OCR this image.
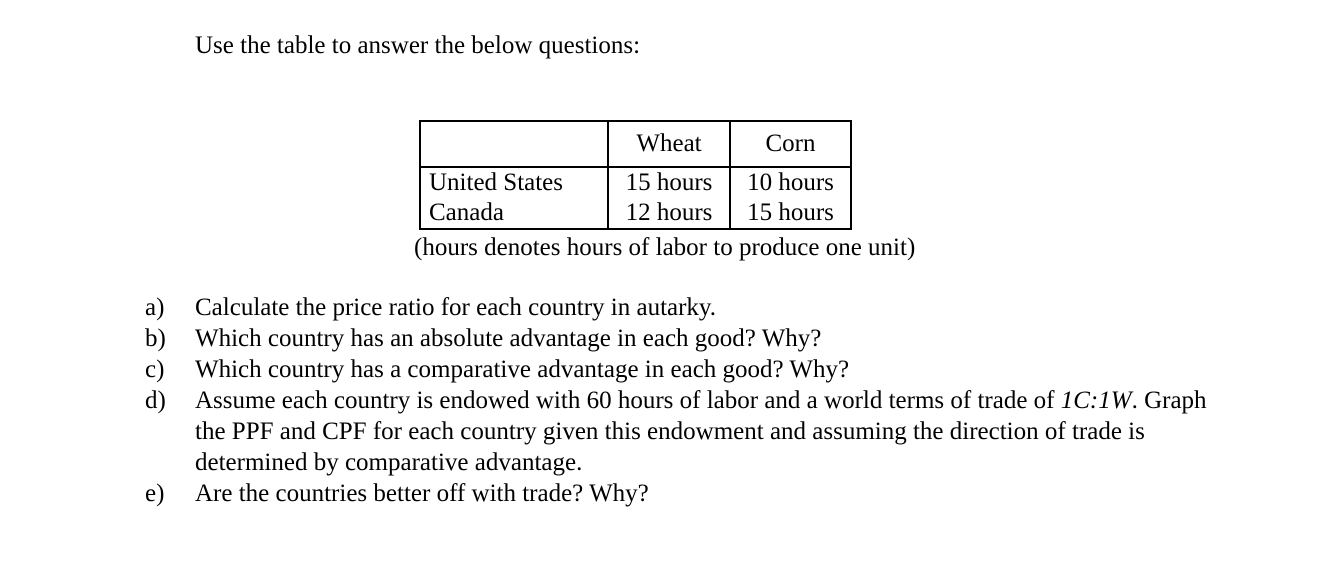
Use the table to answer the below questions:
	Wheat	Corn
United States	15 hours	10 hours
Canada	12 hours	15 hours
(hours denotes hours of labor to produce one unit)
a)	Calculate the price ratio for each country in autarky.
b)	Which country has an absolute advantage in each good? Why?
c)	Which country has a comparative advantage in each good? Why?
d)	Assume each country is endowed with 60 hours of labor and a world terms of trade of 1C:1W. Graph the PPF and CPF for each country given this endowment and assuming the direction of trade is determined by comparative advantage.
e)	Are the countries better off with trade? Why?
